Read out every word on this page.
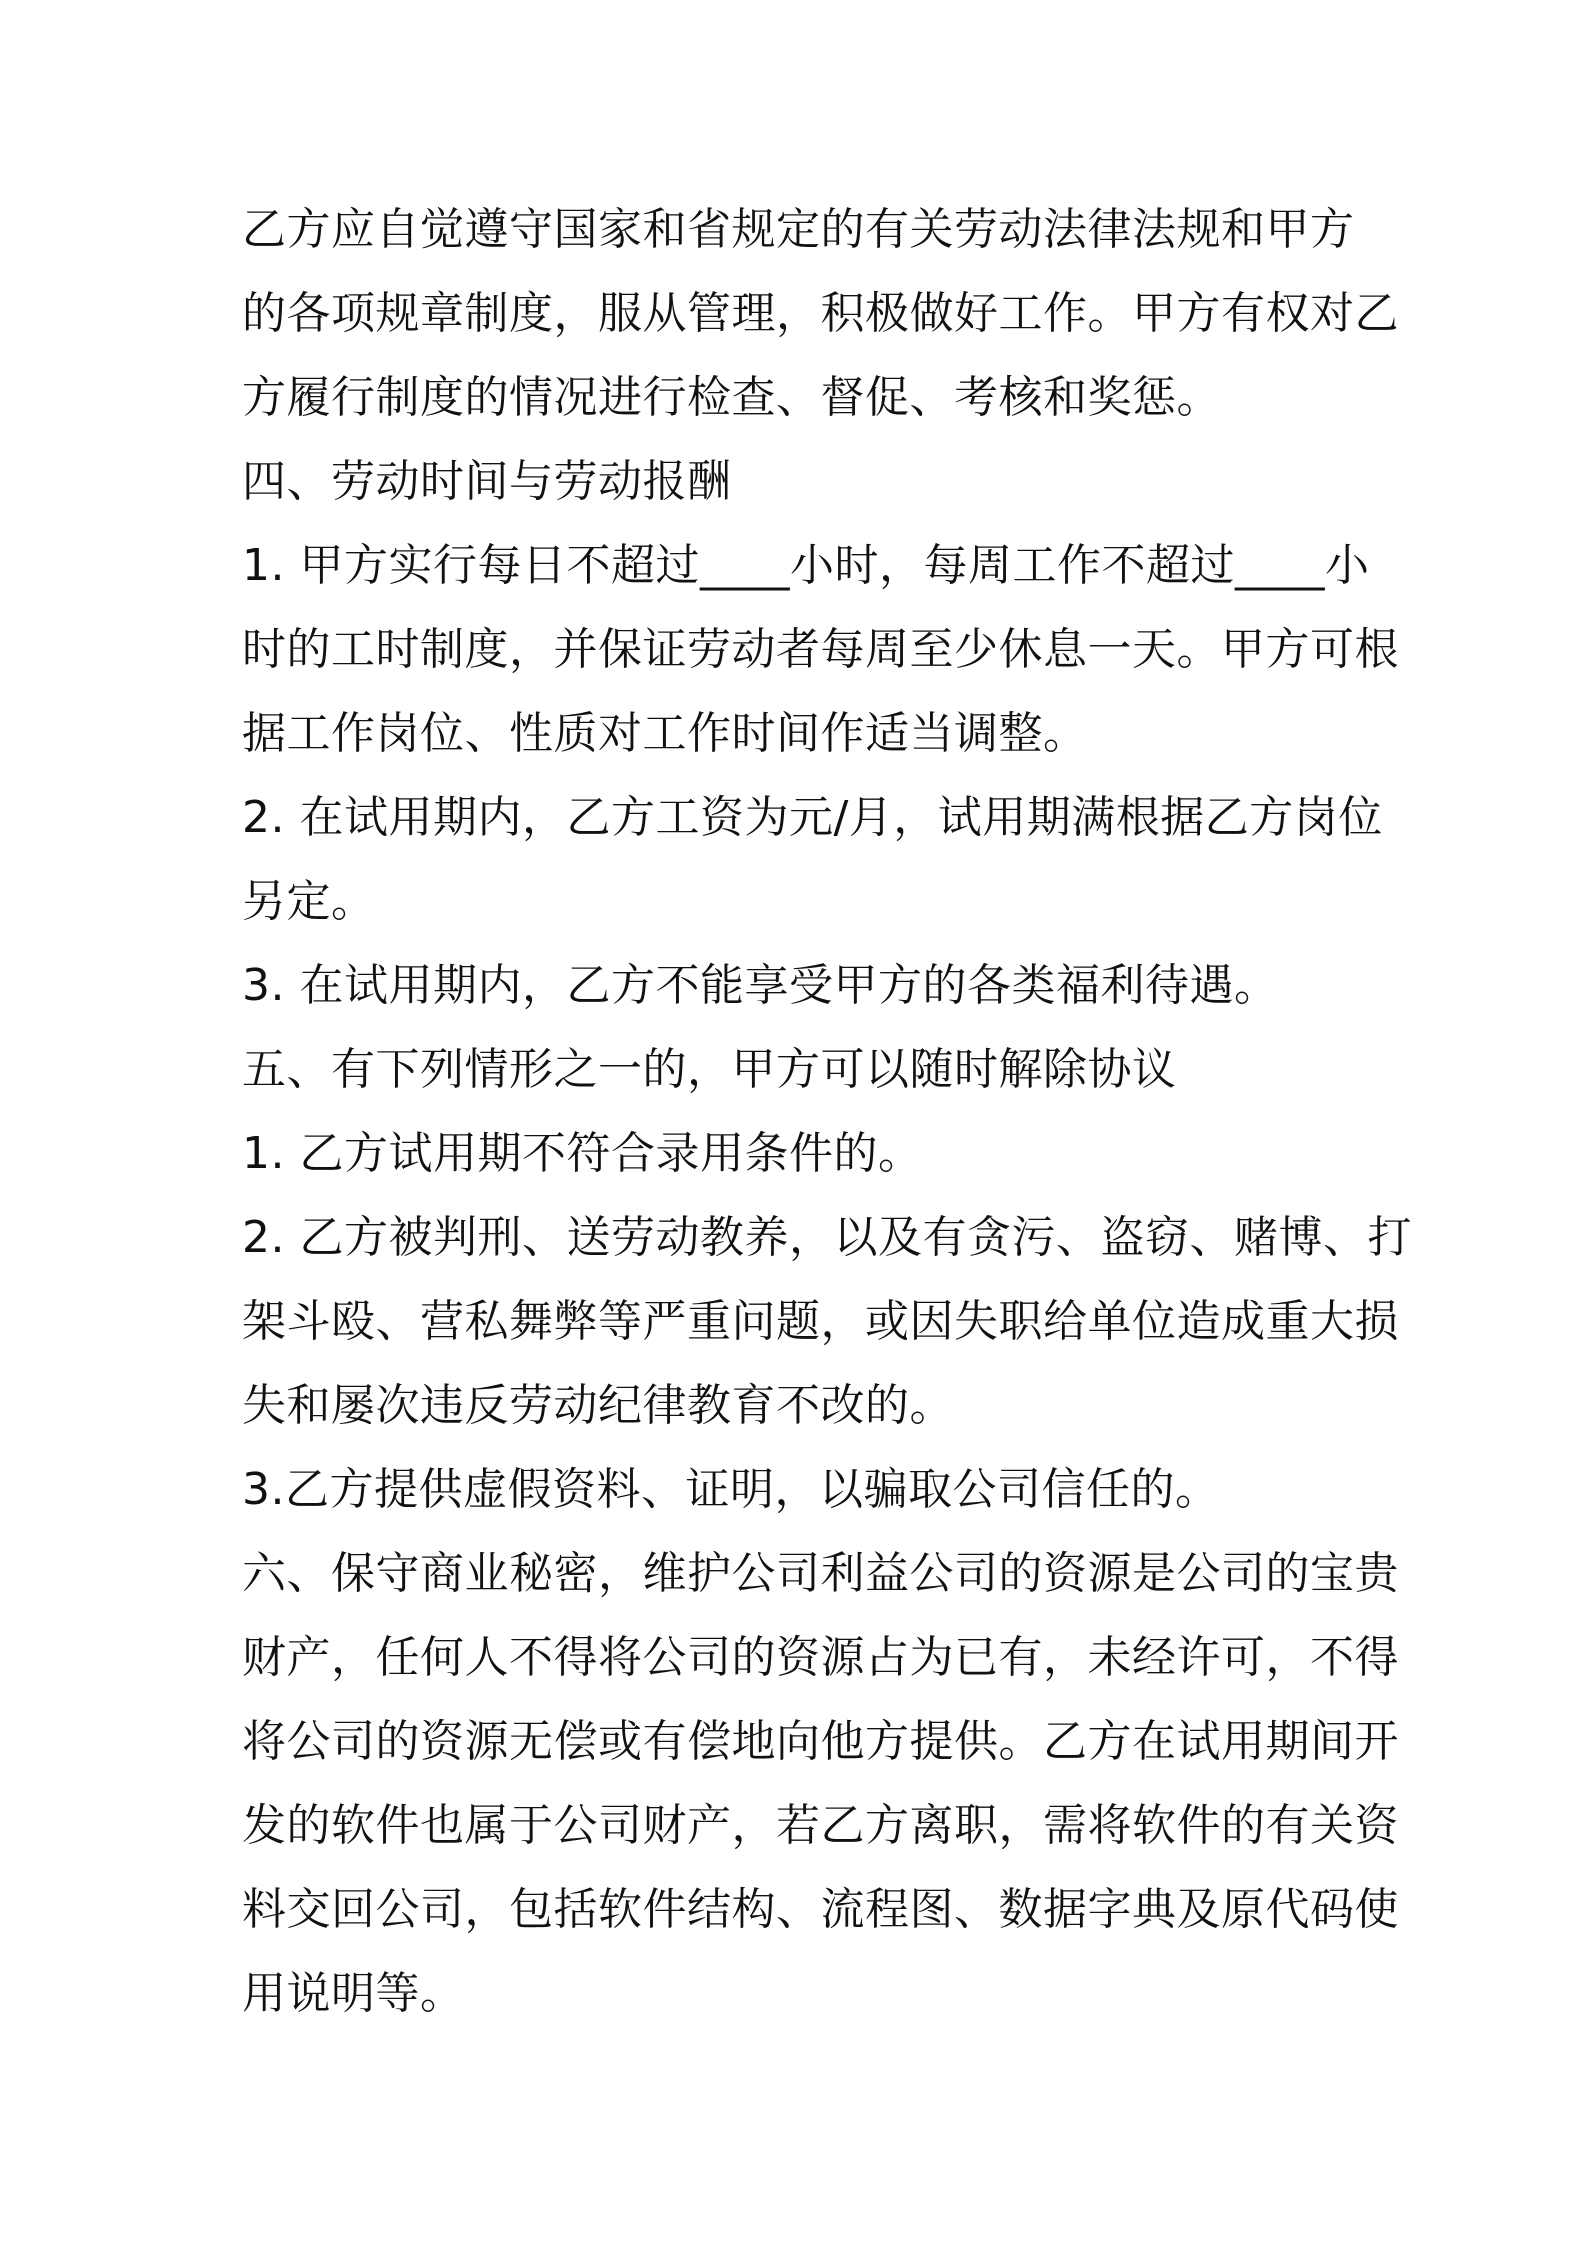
乙方应自觉遵守国家和省规定的有关劳动法律法规和甲方
的各项规章制度，服从管理，积极做好工作。甲方有权对乙
方履行制度的情况进行检查、督促、考核和奖惩。
四、劳动时间与劳动报酬
1. 甲方实行每日不超过____小时，每周工作不超过____小
时的工时制度，并保证劳动者每周至少休息一天。甲方可根
据工作岗位、性质对工作时间作适当调整。
2. 在试用期内，乙方工资为元/月，试用期满根据乙方岗位
另定。
3. 在试用期内，乙方不能享受甲方的各类福利待遇。
五、有下列情形之一的，甲方可以随时解除协议
1. 乙方试用期不符合录用条件的。
2. 乙方被判刑、送劳动教养，以及有贪污、盗窃、赌博、打
架斗殴、营私舞弊等严重问题，或因失职给单位造成重大损
失和屡次违反劳动纪律教育不改的。
3.乙方提供虚假资料、证明，以骗取公司信任的。
六、保守商业秘密，维护公司利益公司的资源是公司的宝贵
财产，任何人不得将公司的资源占为已有，未经许可，不得
将公司的资源无偿或有偿地向他方提供。乙方在试用期间开
发的软件也属于公司财产，若乙方离职，需将软件的有关资
料交回公司，包括软件结构、流程图、数据字典及原代码使
用说明等。
